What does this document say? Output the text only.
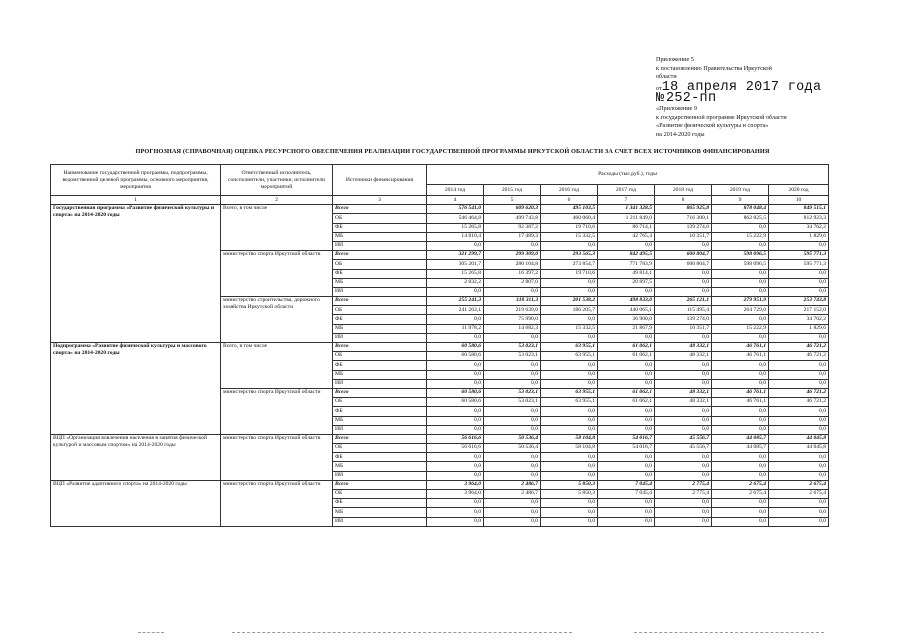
Приложение 5
к постановлению Правительства Иркутской
области
от18 апреля 2017 года
№ 252-пп
«Приложение 9
к государственной программе Иркутской области
«Развитие физической культуры и спорта»
на 2014-2020 годы
ПРОГНОЗНАЯ (СПРАВОЧНАЯ) ОЦЕНКА РЕСУРСНОГО ОБЕСПЕЧЕНИЯ РЕАЛИЗАЦИИ ГОСУДАРСТВЕННОЙ ПРОГРАММЫ ИРКУТСКОЙ ОБЛАСТИ ЗА СЧЕТ ВСЕХ ИСТОЧНИКОВ ФИНАНСИРОВАНИЯ
Наименование государственной программы, подпрограммы, ведомственной целевой программы, основного мероприятия, мероприятия	Ответственный исполнитель, соисполнители, участники, исполнители мероприятий	Источники финансирования	Расходы (тыс.руб.), годы						
			2014 год	2015 год	2016 год	2017 год	2018 год	2019 год	2020 год
1	2	3	4	5	6	7	8	9	10
Государственная программа «Развитие физической культуры и спорта» на 2014-2020 годы	Всего, в том числе	Всего	576 541,0	609 620,3	495 103,5	1 341 328,5	865 925,8	878 048,4	849 515,1
		ОБ	546 464,8	499 743,8	460 060,4	1 211 849,0	716 300,1	862 825,5	812 923,3
		ФБ	15 265,8	92 387,2	19 710,6	86 714,1	139 274,0	0,0	34 762,2
		МБ	14 810,4	17 489,3	15 332,5	42 765,4	10 351,7	15 222,9	1 829,6
		ИИ	0,0	0,0	0,0	0,0	0,0	0,0	0,0
	министерство спорта Иркутской области	Всего	321 299,7	299 309,0	293 565,3	842 495,5	600 804,7	598 096,5	595 771,3
		ОБ	305 201,7	280 104,8	273 854,7	771 783,9	600 804,7	598 096,5	595 771,3
		ФБ	15 265,8	16 397,2	19 710,6	49 814,1	0,0	0,0	0,0
		МБ	2 832,2	2 807,0	0,0	20 897,5	0,0	0,0	0,0
		ИИ	0,0	0,0	0,0	0,0	0,0	0,0	0,0
	министерство строительства, дорожного хозяйства Иркутской области	Всего	255 241,3	310 311,3	201 538,2	498 833,0	265 121,1	279 951,9	253 743,8
		ОБ	241 263,1	219 639,0	186 205,7	440 065,1	115 495,4	264 729,0	217 152,0
		ФБ	0,0	75 990,0	0,0	36 900,0	139 274,0	0,0	34 762,2
		МБ	11 978,2	14 682,3	15 332,5	21 867,9	10 351,7	15 222,9	1 829,6
		ИИ	0,0	0,0	0,0	0,0	0,0	0,0	0,0
Подпрограмма «Развитие физической культуры и массового спорта» на 2014-2020 годы	Всего, в том числе	Всего	60 580,6	53 023,1	63 955,1	61 062,1	48 332,1	46 761,1	46 721,2
		ОБ	60 580,6	53 023,1	63 955,1	61 062,1	48 332,1	46 761,1	46 721,2
		ФБ	0,0	0,0	0,0	0,0	0,0	0,0	0,0
		МБ	0,0	0,0	0,0	0,0	0,0	0,0	0,0
		ИИ	0,0	0,0	0,0	0,0	0,0	0,0	0,0
	министерство спорта Иркутской области	Всего	60 580,6	53 023,1	63 955,1	61 062,1	48 332,1	46 761,1	46 721,2
		ОБ	60 580,6	53 023,1	63 955,1	61 062,1	48 332,1	46 761,1	46 721,2
		ФБ	0,0	0,0	0,0	0,0	0,0	0,0	0,0
		МБ	0,0	0,0	0,0	0,0	0,0	0,0	0,0
		ИИ	0,0	0,0	0,0	0,0	0,0	0,0	0,0
ВЦП «Организация вовлечения населения в занятия физической культурой и массовым спортом» на 2014-2020 годы	министерство спорта Иркутской области	Всего	56 616,6	50 536,4	58 104,8	54 016,7	45 556,7	44 085,7	44 045,8
		ОБ	56 616,6	50 536,4	58 104,8	54 016,7	45 556,7	44 085,7	44 045,8
		ФБ	0,0	0,0	0,0	0,0	0,0	0,0	0,0
		МБ	0,0	0,0	0,0	0,0	0,0	0,0	0,0
		ИИ	0,0	0,0	0,0	0,0	0,0	0,0	0,0
ВЦП «Развитие адаптивного спорта» на 2014-2020 годы	министерство спорта Иркутской области	Всего	3 964,0	2 486,7	5 850,3	7 045,4	2 775,4	2 675,4	2 675,4
		ОБ	3 964,0	2 486,7	5 850,3	7 045,4	2 775,4	2 675,4	2 675,4
		ФБ	0,0	0,0	0,0	0,0	0,0	0,0	0,0
		МБ	0,0	0,0	0,0	0,0	0,0	0,0	0,0
		ИИ	0,0	0,0	0,0	0,0	0,0	0,0	0,0
